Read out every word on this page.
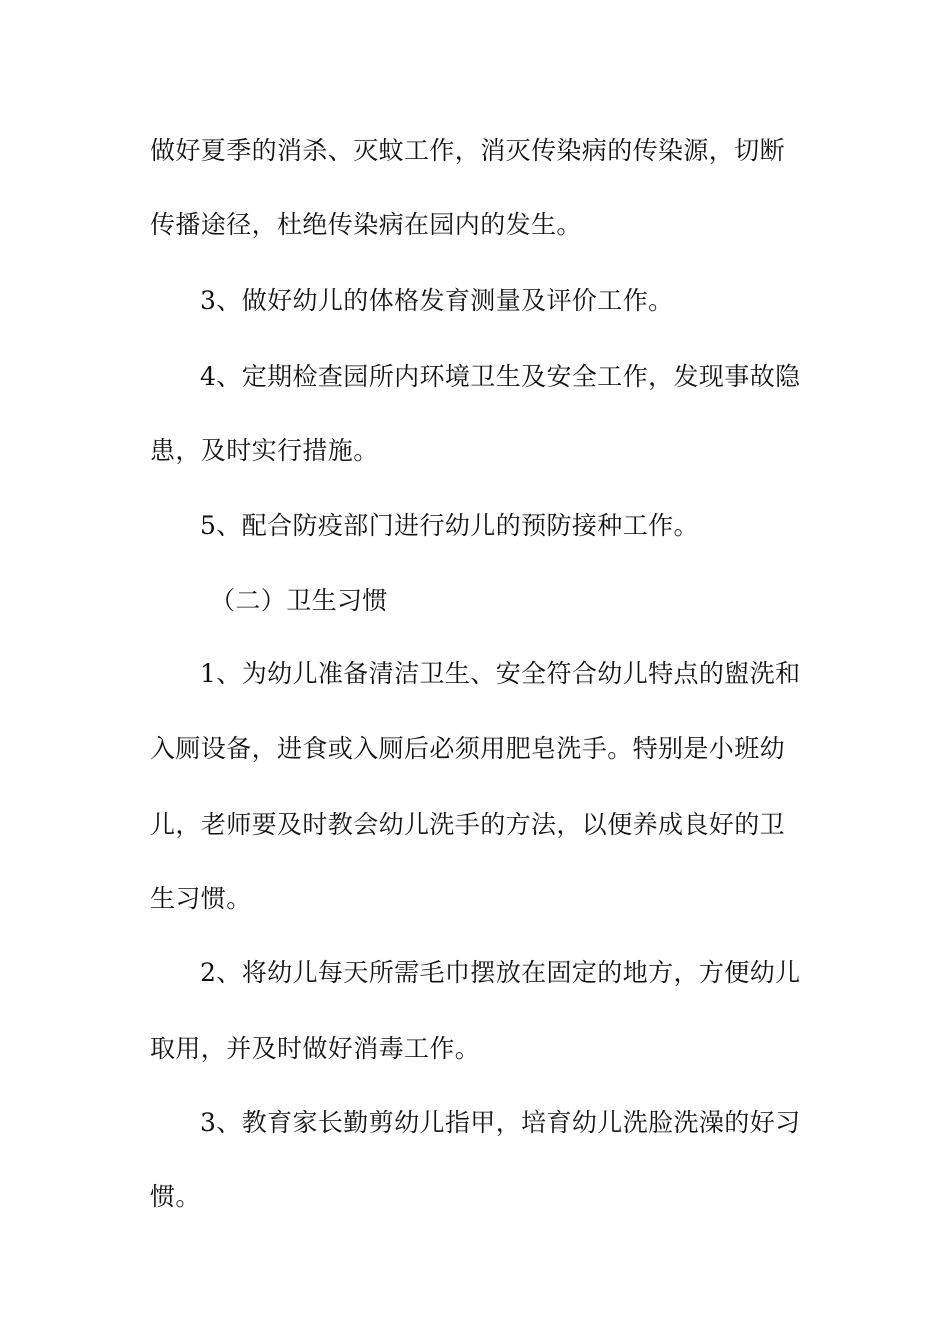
做好夏季的消杀、灭蚊工作，消灭传染病的传染源，切断
传播途径，杜绝传染病在园内的发生。
3、做好幼儿的体格发育测量及评价工作。
4、定期检查园所内环境卫生及安全工作，发现事故隐
患，及时实行措施。
5、配合防疫部门进行幼儿的预防接种工作。
（二）卫生习惯
1、为幼儿准备清洁卫生、安全符合幼儿特点的盥洗和
入厕设备，进食或入厕后必须用肥皂洗手。特别是小班幼
儿，老师要及时教会幼儿洗手的方法，以便养成良好的卫
生习惯。
2、将幼儿每天所需毛巾摆放在固定的地方，方便幼儿
取用，并及时做好消毒工作。
3、教育家长勤剪幼儿指甲，培育幼儿洗脸洗澡的好习
惯。
